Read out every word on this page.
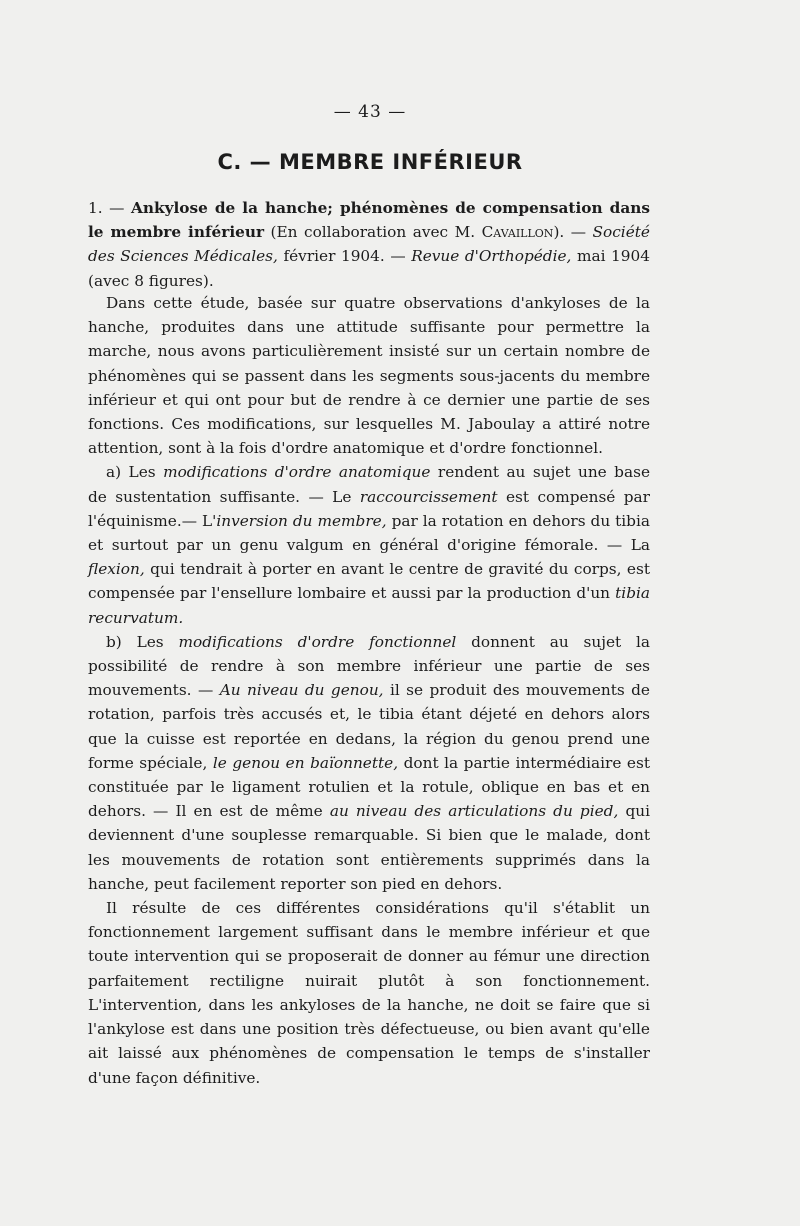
— 43 —
C. — MEMBRE INFÉRIEUR

1. — Ankylose de la hanche; phénomènes de compensation dans le membre inférieur (En collaboration avec M. Cavaillon). — Société des Sciences Médicales, février 1904. — Revue d'Orthopédie, mai 1904 (avec 8 figures).

Dans cette étude, basée sur quatre observations d'ankyloses de la hanche, produites dans une attitude suffisante pour permettre la marche, nous avons particulièrement insisté sur un certain nombre de phénomènes qui se passent dans les segments sous-jacents du membre inférieur et qui ont pour but de rendre à ce dernier une partie de ses fonctions. Ces modifications, sur lesquelles M. Jaboulay a attiré notre attention, sont à la fois d'ordre anatomique et d'ordre fonctionnel.

a) Les modifications d'ordre anatomique rendent au sujet une base de sustentation suffisante. — Le raccourcissement est compensé par l'équinisme.— L'inversion du membre, par la rotation en dehors du tibia et surtout par un genu valgum en général d'origine fémorale. — La flexion, qui tendrait à porter en avant le centre de gravité du corps, est compensée par l'ensellure lombaire et aussi par la production d'un tibia recurvatum.

b) Les modifications d'ordre fonctionnel donnent au sujet la possibilité de rendre à son membre inférieur une partie de ses mouvements. — Au niveau du genou, il se produit des mouvements de rotation, parfois très accusés et, le tibia étant déjeté en dehors alors que la cuisse est reportée en dedans, la région du genou prend une forme spéciale, le genou en baïonnette, dont la partie intermédiaire est constituée par le ligament rotulien et la rotule, oblique en bas et en dehors. — Il en est de même au niveau des articulations du pied, qui deviennent d'une souplesse remarquable. Si bien que le malade, dont les mouvements de rotation sont entièrements supprimés dans la hanche, peut facilement reporter son pied en dehors.

Il résulte de ces différentes considérations qu'il s'établit un fonctionnement largement suffisant dans le membre inférieur et que toute intervention qui se proposerait de donner au fémur une direction parfaitement rectiligne nuirait plutôt à son fonctionnement. L'intervention, dans les ankyloses de la hanche, ne doit se faire que si l'ankylose est dans une position très défectueuse, ou bien avant qu'elle ait laissé aux phénomènes de compensation le temps de s'installer d'une façon définitive.
